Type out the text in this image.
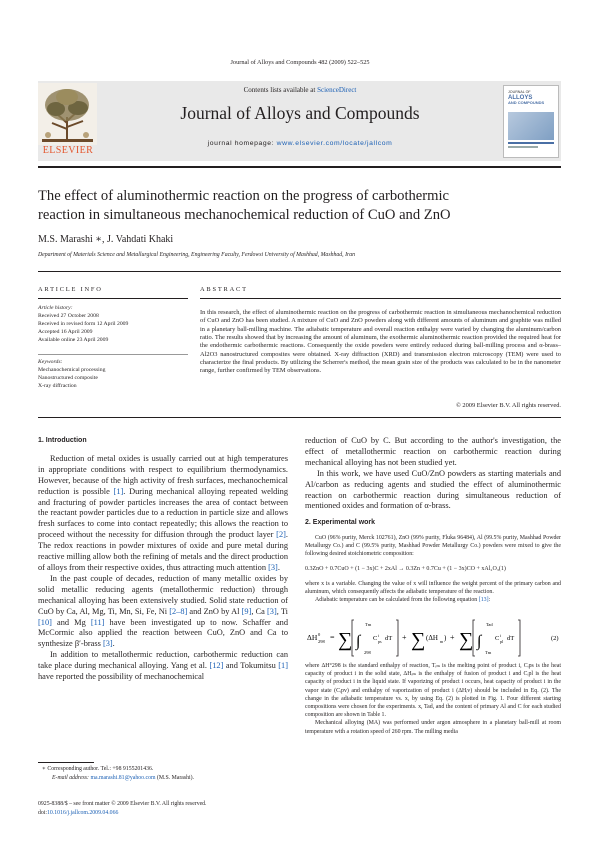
Journal of Alloys and Compounds 482 (2009) 522–525
ELSEVIER
Contents lists available at ScienceDirect
Journal of Alloys and Compounds
journal homepage: www.elsevier.com/locate/jallcom
JOURNAL OF
ALLOYS
AND COMPOUNDS
The effect of aluminothermic reaction on the progress of carbothermic
reaction in simultaneous mechanochemical reduction of CuO and ZnO
M.S. Marashi ∗, J. Vahdati Khaki
Department of Materials Science and Metallurgical Engineering, Engineering Faculty, Ferdowsi University of Mashhad, Mashhad, Iran
ARTICLE INFO
Article history:
Received 27 October 2008
Received in revised form 12 April 2009
Accepted 16 April 2009
Available online 23 April 2009
Keywords:
Mechanochemical processing
Nanostructured composite
X-ray diffraction
ABSTRACT
In this research, the effect of aluminothermic reaction on the progress of carbothermic reaction in simultaneous mechanochemical reduction of CuO and ZnO has been studied. A mixture of CuO and ZnO powders along with different amounts of aluminum and graphite was milled in a planetary ball-milling machine. The adiabatic temperature and overall reaction enthalpy were varied by changing the aluminum/carbon ratio. The results showed that by increasing the amount of aluminum, the exothermic aluminothermic reaction provided the required heat for the endothermic carbothermic reactions. Consequently the oxide powders were entirely reduced during ball-milling process and α-brass–Al2O3 nanostructured composites were obtained. X-ray diffraction (XRD) and transmission electron microscopy (TEM) were used to characterize the final products. By utilizing the Scherrer's method, the mean grain size of the products was calculated to be in the nanometer range, further confirmed by TEM observations.
© 2009 Elsevier B.V. All rights reserved.
1. Introduction

Reduction of metal oxides is usually carried out at high temperatures in appropriate conditions with respect to equilibrium thermodynamics. However, because of the high activity of fresh surfaces, mechanochemical reduction is possible [1]. During mechanical alloying repeated welding and fracturing of powder particles increases the area of contact between the reactant powder particles due to a reduction in particle size and allows fresh surfaces to come into contact repeatedly; this allows the reaction to proceed without the necessity for diffusion through the product layer [2]. The redox reactions in powder mixtures of oxide and pure metal during reactive milling allow both the refining of metals and the direct production of alloys from their respective oxides, thus attracting much attention [3].

In the past couple of decades, reduction of many metallic oxides by solid metallic reducing agents (metallothermic reduction) through mechanical alloying has been extensively studied. Solid state reduction of CuO by Ca, Al, Mg, Ti, Mn, Si, Fe, Ni [2–8] and ZnO by Al [9], Ca [3], Ti [10] and Mg [11] have been investigated up to now. Schaffer and McCormic also applied the reaction between CuO, ZnO and Ca to synthesize β′-brass [3].

In addition to metallothermic reduction, carbothermic reduction can take place during mechanical alloying. Yang et al. [12] and Tokumitsu [1] have reported the possibility of mechanochemical

∗ Corresponding author. Tel.: +98 9155201436.
E-mail address: ma.marashi.81@yahoo.com (M.S. Marashi).
0925-8388/$ – see front matter © 2009 Elsevier B.V. All rights reserved.
doi:10.1016/j.jallcom.2009.04.066

reduction of CuO by C. But according to the author's investigation, the effect of metallothermic reaction on carbothermic reaction during mechanical alloying has not been studied yet.

In this work, we have used CuO/ZnO powders as starting materials and Al/carbon as reducing agents and studied the effect of aluminothermic reaction on carbothermic reaction during simultaneous reduction of mentioned oxides and formation of α-brass.

2. Experimental work

CuO (96% purity, Merck 102761), ZnO (99% purity, Fluka 96484), Al (99.5% purity, Mashhad Powder Metallurgy Co.) and C (99.5% purity, Mashhad Powder Metallurgy Co.) powders were mixed to give the following desired stoichiometric composition:

0.3ZnO + 0.7CuO + (1 − 3x)C + 2xAl → 0.3Zn + 0.7Cu + (1 − 3x)CO + xAl₂O₃(1)

where x is a variable. Changing the value of x will influence the weight percent of the primary carbon and aluminum, which consequently affects the adiabatic temperature of the reaction.

Adiabatic temperature can be calculated from the following equation [13]:

ΔH 0
298 = ∑ ∫
Tm
298
C i
ps dT + ∑ (ΔH m ) + ∑ ∫
Tad
Tm
C i
pl dT	(2)

where ΔH°298 is the standard enthalpy of reaction, Tᵢₘ is the melting point of product i, Cᵢps is the heat capacity of product i in the solid state, ΔHᵢₘ is the enthalpy of fusion of product i and Cᵢpl is the heat capacity of product i in the liquid state. If vaporizing of product i occurs, heat capacity of product i in the vapor state (Cᵢpv) and enthalpy of vaporization of product i (ΔHᵢv) should be included in Eq. (2). The change in the adiabatic temperature vs. x, by using Eq. (2) is plotted in Fig. 1. Four different starting compositions were chosen for the experiments. x, Tad, and the content of primary Al and C for each studied composition are shown in Table 1.

Mechanical alloying (MA) was performed under argon atmosphere in a planetary ball-mill at room temperature with a rotation speed of 260 rpm. The milling media
